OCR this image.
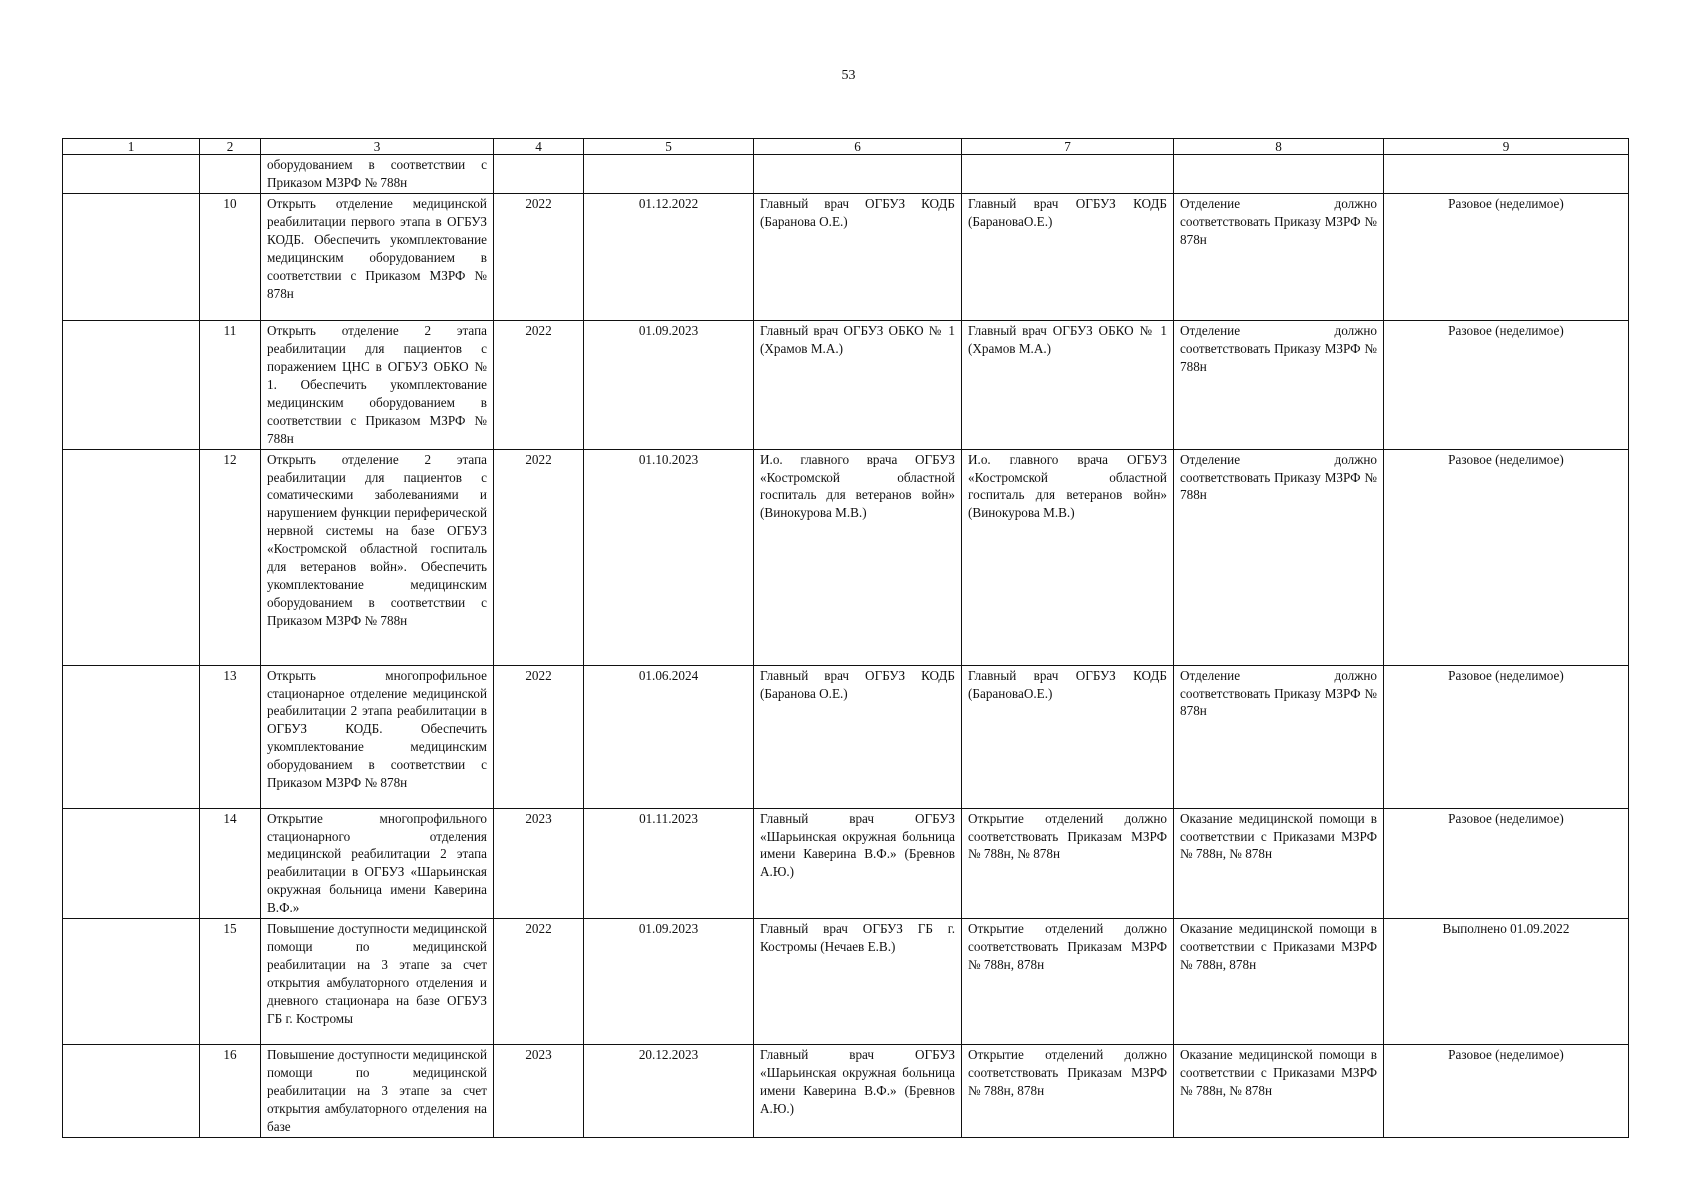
53
1	2	3	4	5	6	7	8	9
		оборудованием в соответствии с Приказом МЗРФ № 788н						
	10	Открыть отделение медицинской реабилитации первого этапа в ОГБУЗ КОДБ. Обеспечить укомплектование медицинским оборудованием в соответствии с Приказом МЗРФ № 878н	2022	01.12.2022	Главный врач ОГБУЗ КОДБ (Баранова О.Е.)	Главный врач ОГБУЗ КОДБ (БарановаО.Е.)	Отделение должно соответствовать Приказу МЗРФ № 878н	Разовое (неделимое)
	11	Открыть отделение 2 этапа реабилитации для пациентов с поражением ЦНС в ОГБУЗ ОБКО № 1. Обеспечить укомплектование медицинским оборудованием в соответствии с Приказом МЗРФ № 788н	2022	01.09.2023	Главный врач ОГБУЗ ОБКО № 1 (Храмов М.А.)	Главный врач ОГБУЗ ОБКО № 1 (Храмов М.А.)	Отделение должно соответствовать Приказу МЗРФ № 788н	Разовое (неделимое)
	12	Открыть отделение 2 этапа реабилитации для пациентов с соматическими заболеваниями и нарушением функции периферической нервной системы на базе ОГБУЗ «Костромской областной госпиталь для ветеранов войн». Обеспечить укомплектование медицинским оборудованием в соответствии с Приказом МЗРФ № 788н	2022	01.10.2023	И.о. главного врача ОГБУЗ «Костромской областной госпиталь для ветеранов войн» (Винокурова М.В.)	И.о. главного врача ОГБУЗ «Костромской областной госпиталь для ветеранов войн» (Винокурова М.В.)	Отделение должно соответствовать Приказу МЗРФ № 788н	Разовое (неделимое)
	13	Открыть многопрофильное стационарное отделение медицинской реабилитации 2 этапа реабилитации в ОГБУЗ КОДБ. Обеспечить укомплектование медицинским оборудованием в соответствии с Приказом МЗРФ № 878н	2022	01.06.2024	Главный врач ОГБУЗ КОДБ (Баранова О.Е.)	Главный врач ОГБУЗ КОДБ (БарановаО.Е.)	Отделение должно соответствовать Приказу МЗРФ № 878н	Разовое (неделимое)
	14	Открытие многопрофильного стационарного отделения медицинской реабилитации 2 этапа реабилитации в ОГБУЗ «Шарьинская окружная больница имени Каверина В.Ф.»	2023	01.11.2023	Главный врач ОГБУЗ «Шарьинская окружная больница имени Каверина В.Ф.» (Бревнов А.Ю.)	Открытие отделений должно соответствовать Приказам МЗРФ № 788н, № 878н	Оказание медицинской помощи в соответствии с Приказами МЗРФ № 788н, № 878н	Разовое (неделимое)
	15	Повышение доступности медицинской помощи по медицинской реабилитации на 3 этапе за счет открытия амбулаторного отделения и дневного стационара на базе ОГБУЗ ГБ г. Костромы	2022	01.09.2023	Главный врач ОГБУЗ ГБ г. Костромы (Нечаев Е.В.)	Открытие отделений должно соответствовать Приказам МЗРФ № 788н, 878н	Оказание медицинской помощи в соответствии с Приказами МЗРФ № 788н, 878н	Выполнено 01.09.2022
	16	Повышение доступности медицинской помощи по медицинской реабилитации на 3 этапе за счет открытия амбулаторного отделения на базе	2023	20.12.2023	Главный врач ОГБУЗ «Шарьинская окружная больница имени Каверина В.Ф.» (Бревнов А.Ю.)	Открытие отделений должно соответствовать Приказам МЗРФ № 788н, 878н	Оказание медицинской помощи в соответствии с Приказами МЗРФ № 788н, № 878н	Разовое (неделимое)
